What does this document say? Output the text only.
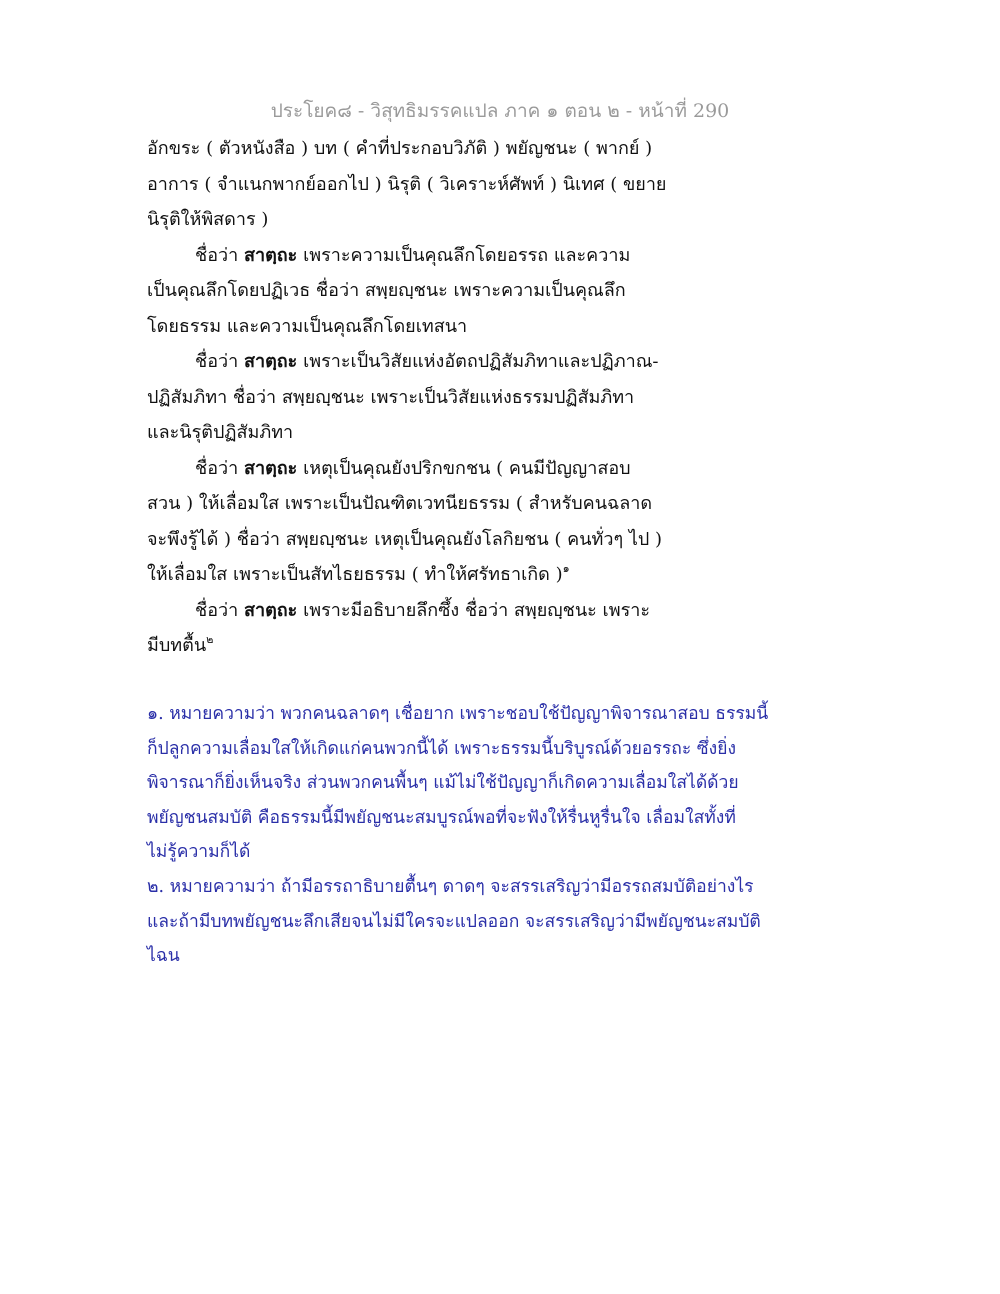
ประโยค๘ - วิสุทธิมรรคแปล ภาค ๑ ตอน ๒ - หน้าที่ 290
อักขระ ( ตัวหนังสือ ) บท ( คำที่ประกอบวิภัติ ) พยัญชนะ ( พากย์ )
อาการ ( จำแนกพากย์ออกไป ) นิรุติ ( วิเคราะห์ศัพท์ ) นิเทศ ( ขยาย
นิรุติให้พิสดาร )
ชื่อว่า สาตฺถะ เพราะความเป็นคุณลึกโดยอรรถ และความ
เป็นคุณลึกโดยปฏิเวธ ชื่อว่า สพฺยญฺชนะ เพราะความเป็นคุณลึก
โดยธรรม และความเป็นคุณลึกโดยเทสนา
ชื่อว่า สาตฺถะ เพราะเป็นวิสัยแห่งอัตถปฏิสัมภิทาและปฏิภาณ-
ปฏิสัมภิทา ชื่อว่า สพฺยญฺชนะ เพราะเป็นวิสัยแห่งธรรมปฏิสัมภิทา
และนิรุติปฏิสัมภิทา
ชื่อว่า สาตฺถะ เหตุเป็นคุณยังปริกขกชน ( คนมีปัญญาสอบ
สวน ) ให้เลื่อมใส เพราะเป็นปัณฑิตเวทนียธรรม ( สำหรับคนฉลาด
จะพึงรู้ได้ ) ชื่อว่า สพฺยญฺชนะ เหตุเป็นคุณยังโลกิยชน ( คนทั่วๆ ไป )
ให้เลื่อมใส เพราะเป็นสัทไธยธรรม ( ทำให้ศรัทธาเกิด )$^๑$
ชื่อว่า สาตฺถะ เพราะมีอธิบายลึกซึ้ง ชื่อว่า สพฺยญฺชนะ เพราะ
มีบทตื้น$^๒$
๑. หมายความว่า พวกคนฉลาดๆ เชื่อยาก เพราะชอบใช้ปัญญาพิจารณาสอบ ธรรมนี้
ก็ปลูกความเลื่อมใสให้เกิดแก่คนพวกนี้ได้ เพราะธรรมนี้บริบูรณ์ด้วยอรรถะ ซึ่งยิ่ง
พิจารณาก็ยิ่งเห็นจริง ส่วนพวกคนพื้นๆ แม้ไม่ใช้ปัญญาก็เกิดความเลื่อมใสได้ด้วย
พยัญชนสมบัติ คือธรรมนี้มีพยัญชนะสมบูรณ์พอที่จะฟังให้รื่นหูรื่นใจ เลื่อมใสทั้งที่
ไม่รู้ความก็ได้
๒. หมายความว่า ถ้ามีอรรถาธิบายตื้นๆ ดาดๆ จะสรรเสริญว่ามีอรรถสมบัติอย่างไร
และถ้ามีบทพยัญชนะลึกเสียจนไม่มีใครจะแปลออก จะสรรเสริญว่ามีพยัญชนะสมบัติ
ไฉน
